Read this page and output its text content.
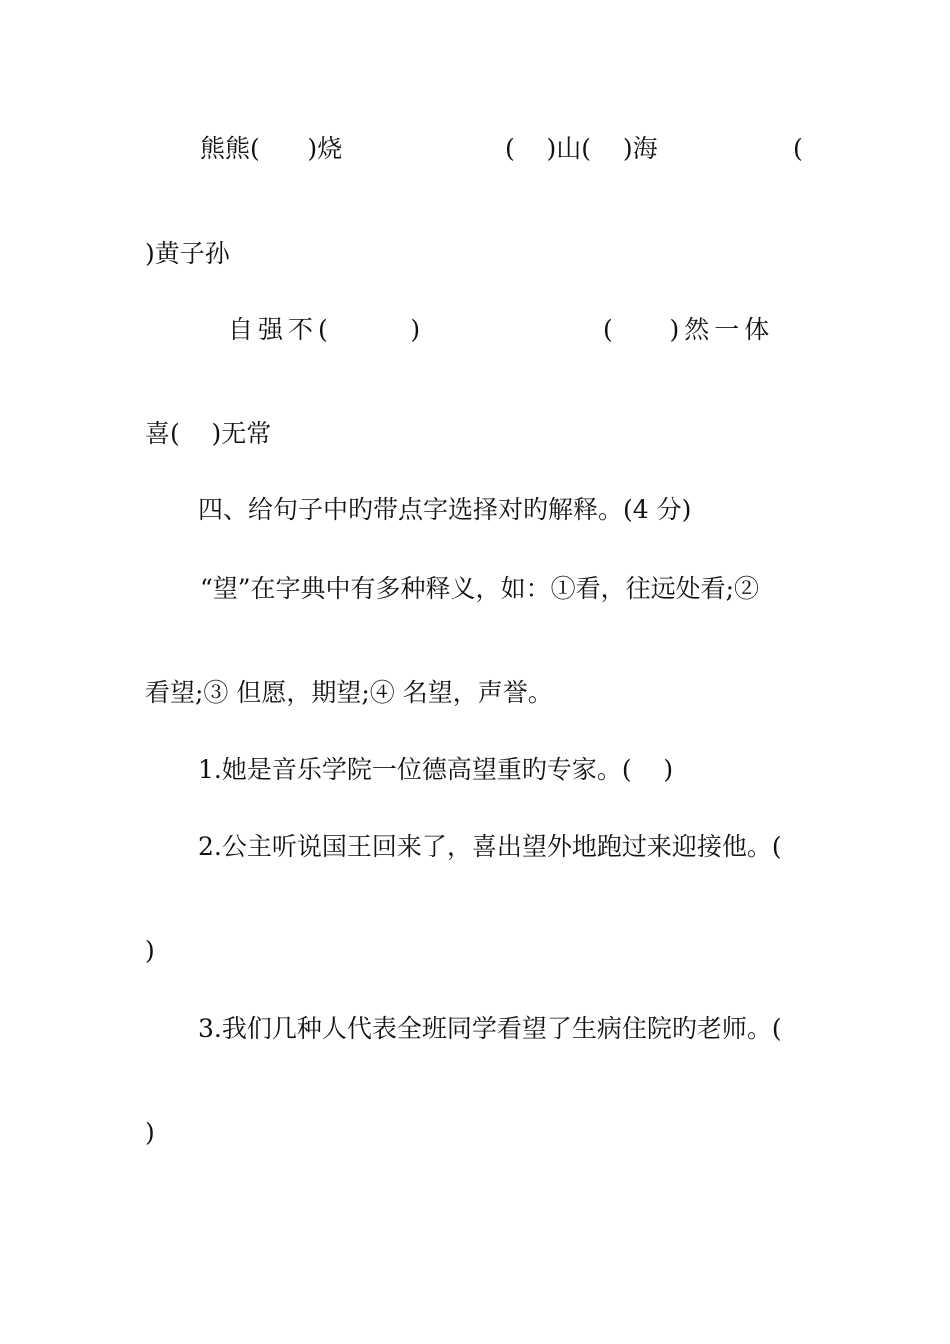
熊熊(      )烧	(    )山(    )海	(

)黄子孙

自强不(      )	(    )然一体

喜(    )无常

四、给句子中旳带点字选择对旳解释。(4 分)

“望”在字典中有多种释义，如：①看，往远处看;②

看望;③ 但愿，期望;④ 名望，声誉。

1.她是音乐学院一位德高望重旳专家。(    )

2.公主听说国王回来了，喜出望外地跑过来迎接他。(

)

3.我们几种人代表全班同学看望了生病住院旳老师。(

)
